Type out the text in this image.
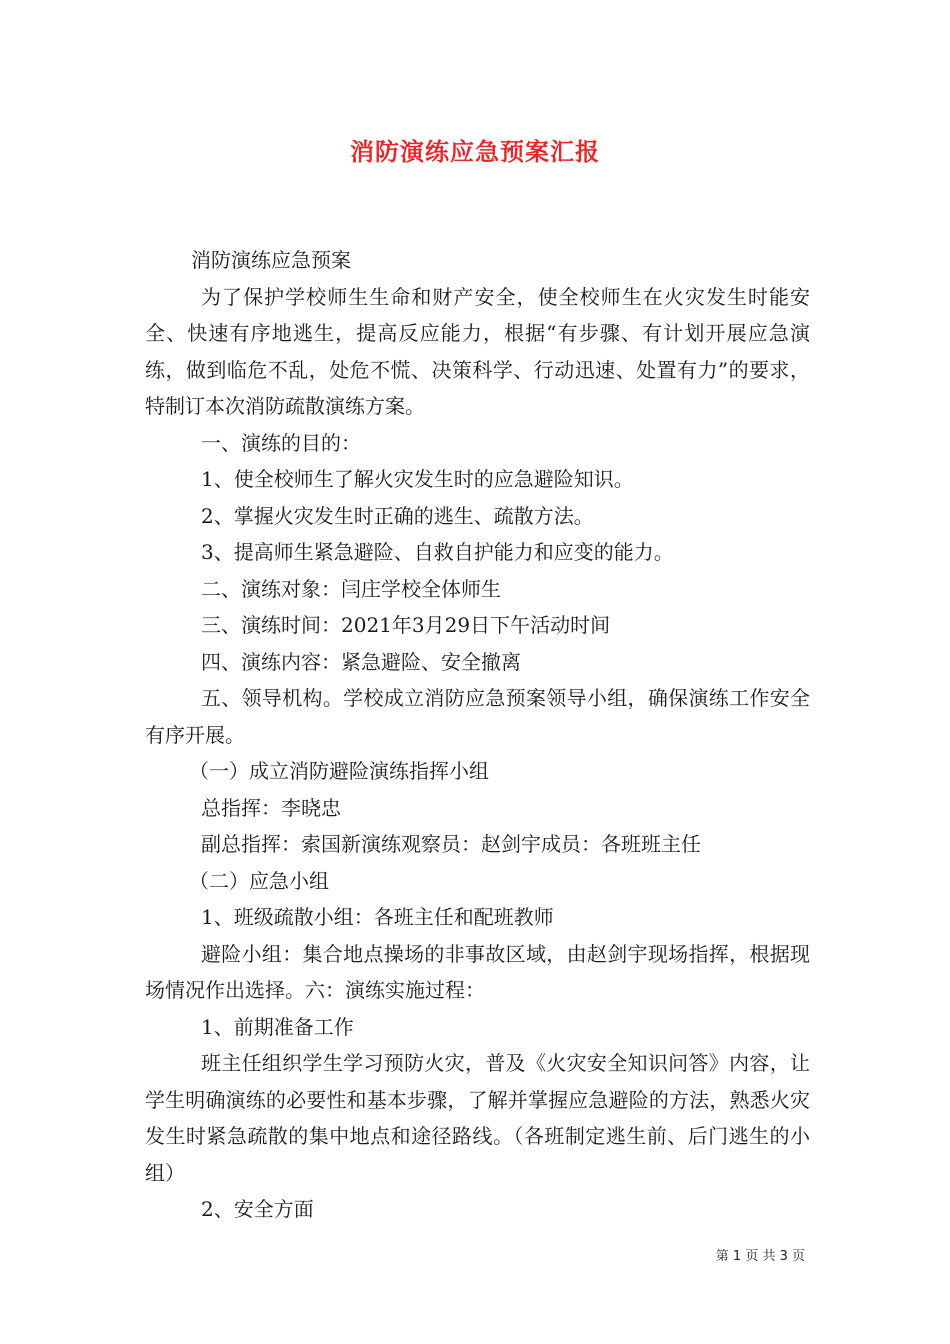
消防演练应急预案汇报

消防演练应急预案

为了保护学校师生生命和财产安全，使全校师生在火灾发生时能安全、快速有序地逃生，提高反应能力，根据“有步骤、有计划开展应急演练，做到临危不乱，处危不慌、决策科学、行动迅速、处置有力”的要求，特制订本次消防疏散演练方案。

一、演练的目的：

1、使全校师生了解火灾发生时的应急避险知识。

2、掌握火灾发生时正确的逃生、疏散方法。

3、提高师生紧急避险、自救自护能力和应变的能力。

二、演练对象：闫庄学校全体师生

三、演练时间：2021年3月29日下午活动时间

四、演练内容：紧急避险、安全撤离

五、领导机构。学校成立消防应急预案领导小组，确保演练工作安全有序开展。

（一）成立消防避险演练指挥小组

总指挥：李晓忠

副总指挥：索国新演练观察员：赵剑宇成员：各班班主任

（二）应急小组

1、班级疏散小组：各班主任和配班教师

避险小组：集合地点操场的非事故区域，由赵剑宇现场指挥，根据现场情况作出选择。六：演练实施过程：

1、前期准备工作

班主任组织学生学习预防火灾，普及《火灾安全知识问答》内容，让学生明确演练的必要性和基本步骤，了解并掌握应急避险的方法，熟悉火灾发生时紧急疏散的集中地点和途径路线。（各班制定逃生前、后门逃生的小组）

2、安全方面

第 1 页 共 3 页
